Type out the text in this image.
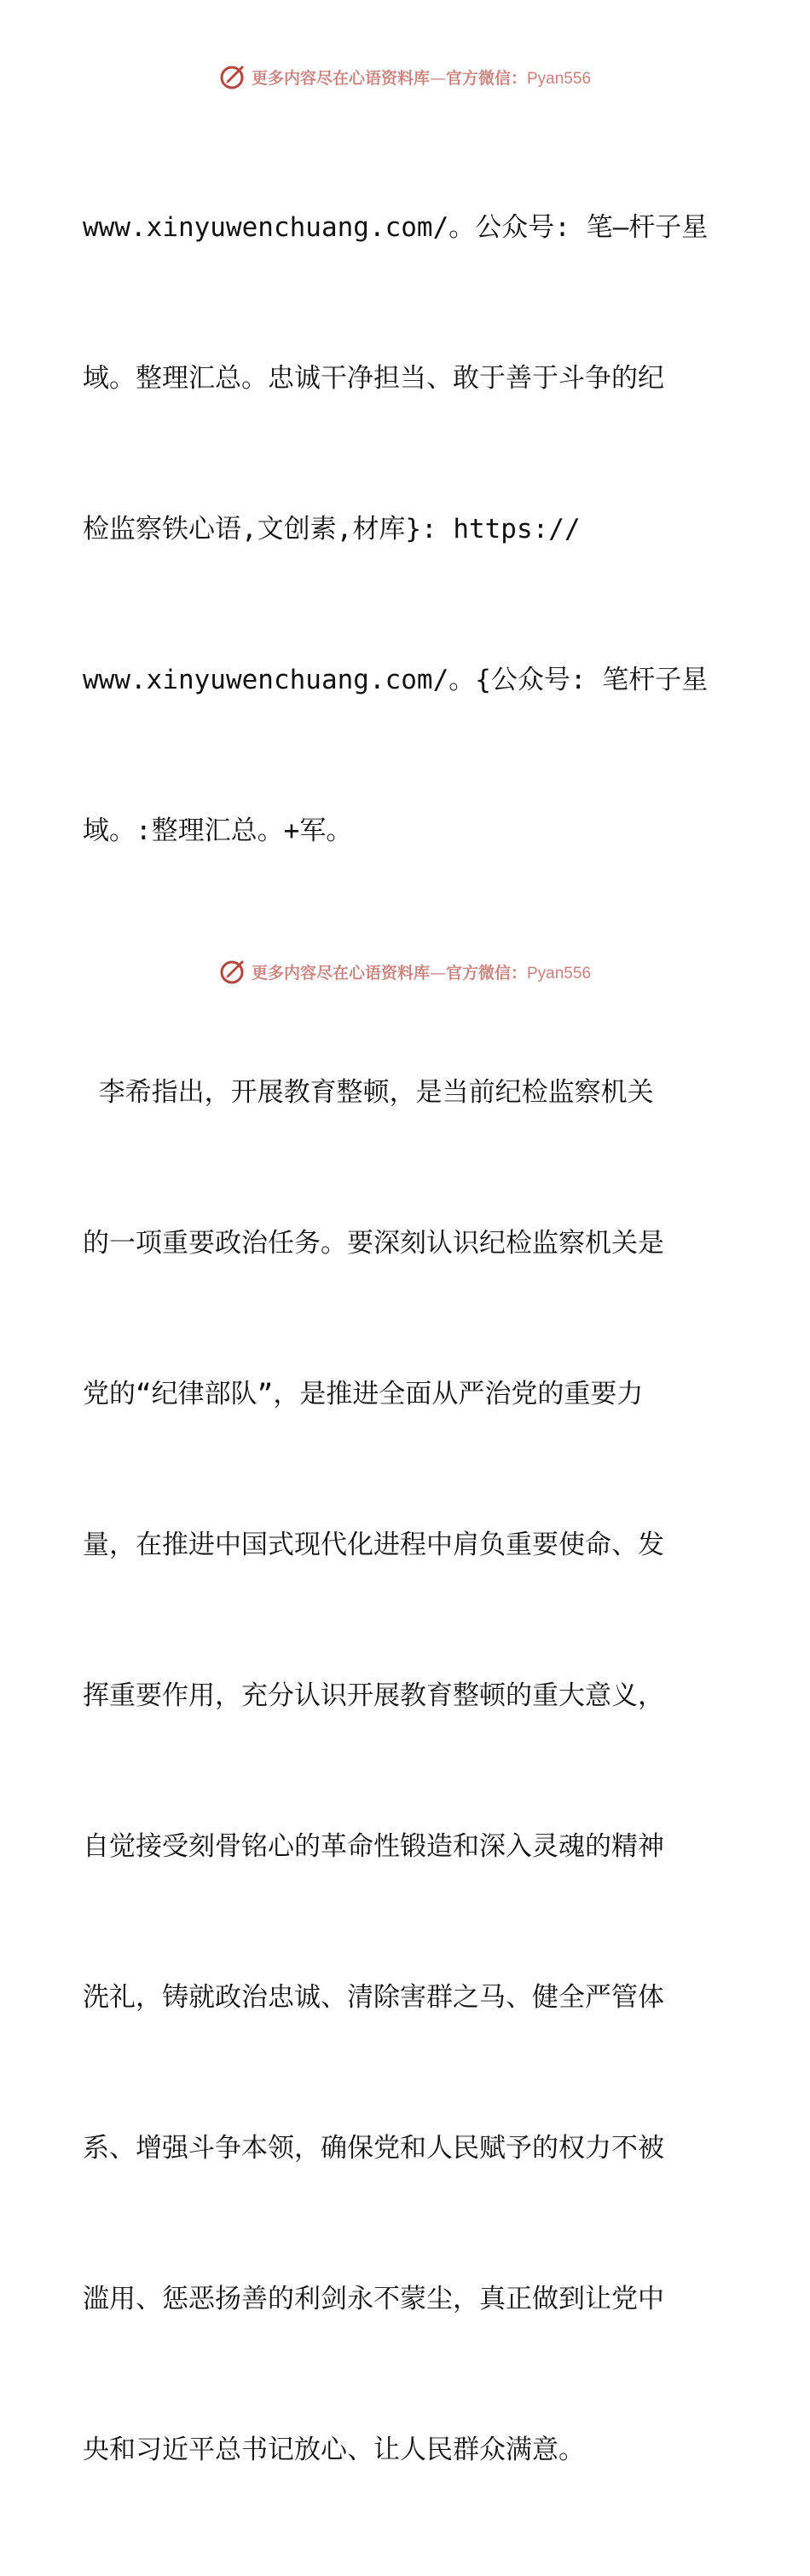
更多内容尽在心语资料库—官方微信：Pyan556

www.xinyuwenchuang.com/。公众号: 笔—杆子星

域。整理汇总。忠诚干净担当、敢于善于斗争的纪

检监察铁心语,文创素,材库}: https://

www.xinyuwenchuang.com/。{公众号: 笔杆子星

域。:整理汇总。+军。

李希指出，开展教育整顿，是当前纪检监察机关

的一项重要政治任务。要深刻认识纪检监察机关是

党的“纪律部队”，是推进全面从严治党的重要力

量，在推进中国式现代化进程中肩负重要使命、发

挥重要作用，充分认识开展教育整顿的重大意义，

自觉接受刻骨铭心的革命性锻造和深入灵魂的精神

洗礼，铸就政治忠诚、清除害群之马、健全严管体

系、增强斗争本领，确保党和人民赋予的权力不被

滥用、惩恶扬善的利剑永不蒙尘，真正做到让党中

央和习近平总书记放心、让人民群众满意。

更多内容尽在心语资料库—官方微信：Pyan556
